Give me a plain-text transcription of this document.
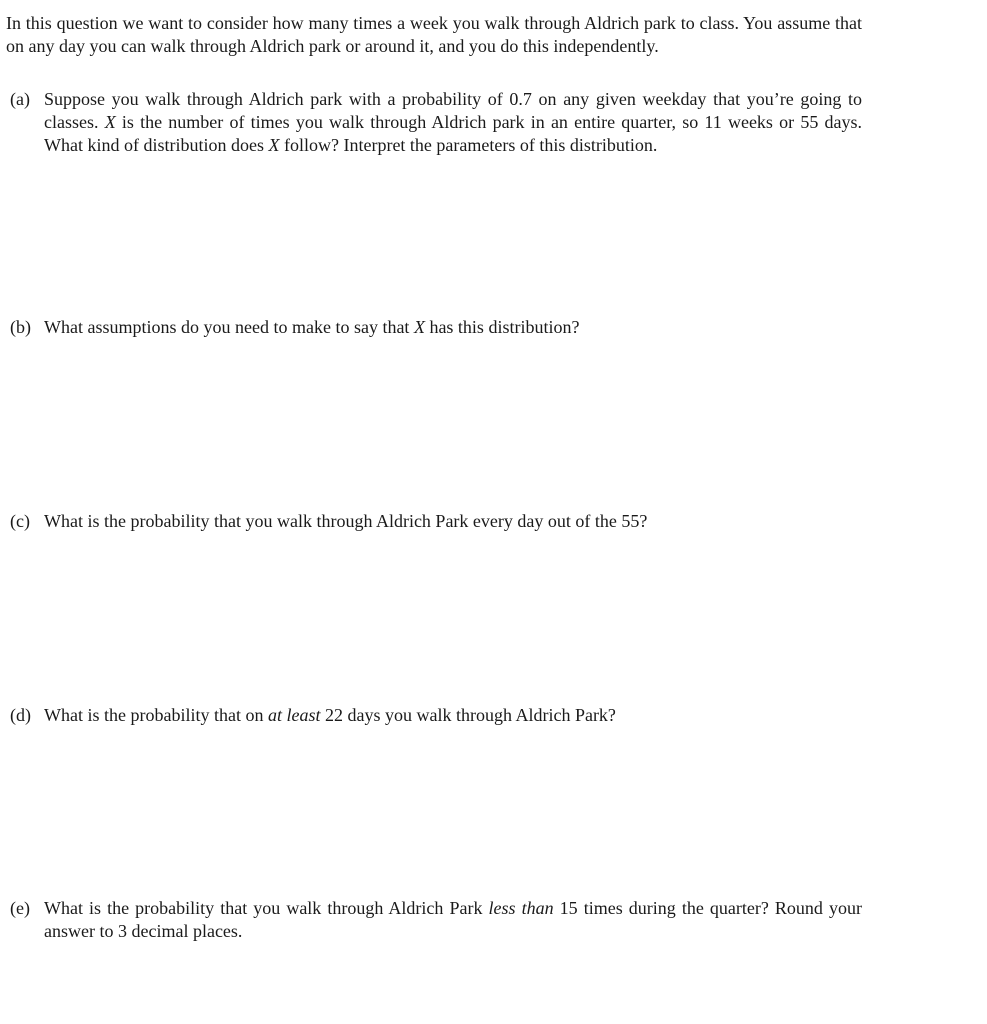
In this question we want to consider how many times a week you walk through Aldrich park to class. You assume that on any day you can walk through Aldrich park or around it, and you do this independently.

(a) Suppose you walk through Aldrich park with a probability of 0.7 on any given weekday that you’re going to classes. X is the number of times you walk through Aldrich park in an entire quarter, so 11 weeks or 55 days. What kind of distribution does X follow? Interpret the parameters of this distribution.

(b) What assumptions do you need to make to say that X has this distribution?

(c) What is the probability that you walk through Aldrich Park every day out of the 55?

(d) What is the probability that on at least 22 days you walk through Aldrich Park?

(e) What is the probability that you walk through Aldrich Park less than 15 times during the quarter? Round your answer to 3 decimal places.
